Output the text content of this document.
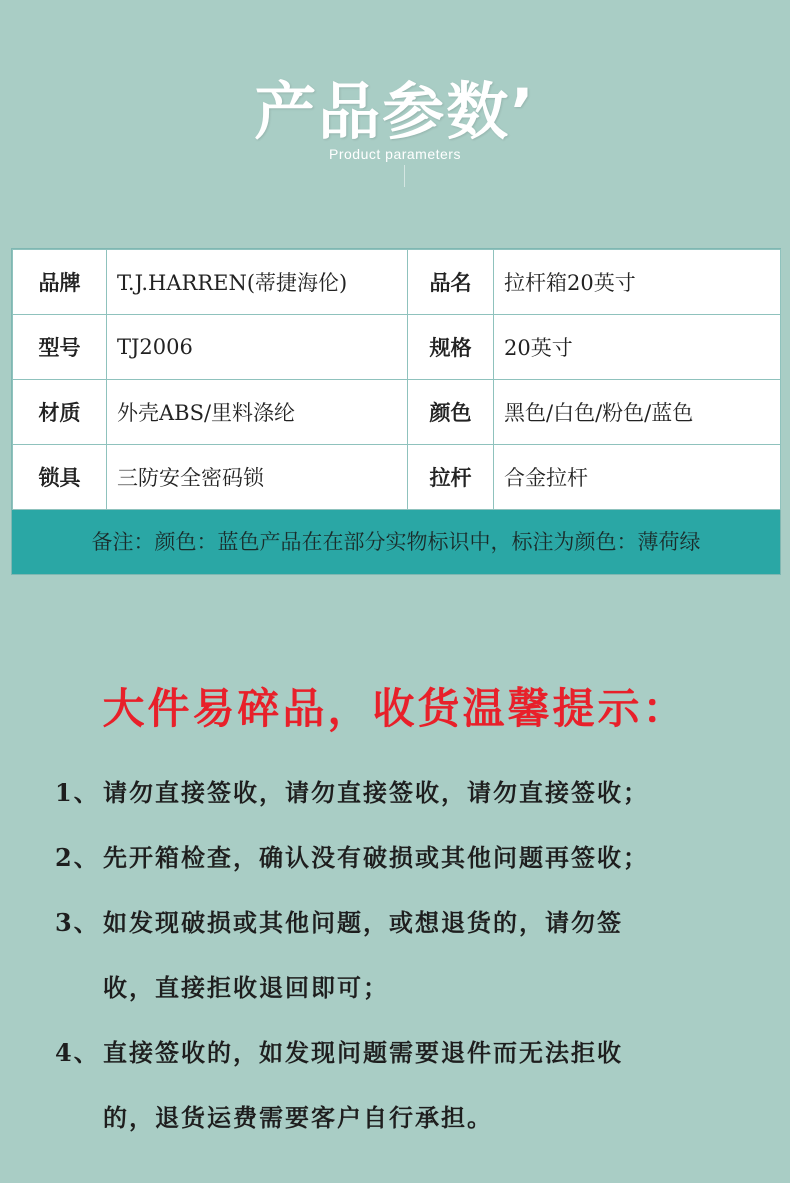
产品参数’
Product parameters
品牌	T.J.HARREN(蒂捷海伦)	品名	拉杆箱20英寸
型号	TJ2006	规格	20英寸
材质	外壳ABS/里料涤纶	颜色	黑色/白色/粉色/蓝色
锁具	三防安全密码锁	拉杆	合金拉杆
备注：颜色：蓝色产品在在部分实物标识中，标注为颜色：薄荷绿
大件易碎品，收货温馨提示：
1、 请勿直接签收，请勿直接签收，请勿直接签收；
2、 先开箱检查，确认没有破损或其他问题再签收；
3、 如发现破损或其他问题，或想退货的，请勿签
收，直接拒收退回即可；
4、 直接签收的，如发现问题需要退件而无法拒收
的，退货运费需要客户自行承担。
